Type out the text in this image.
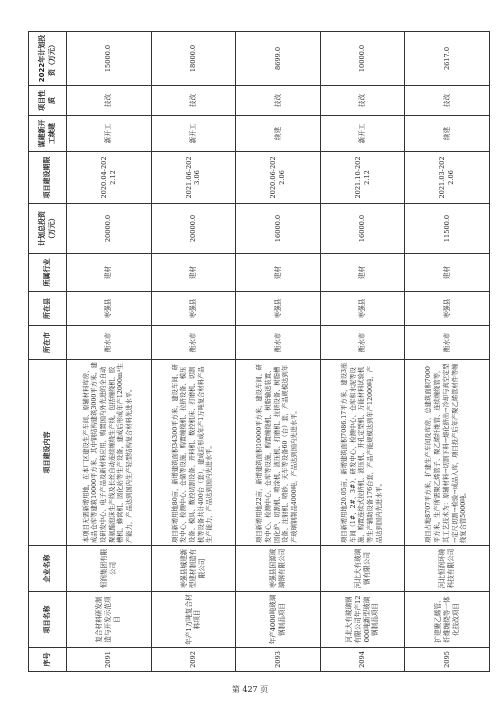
序号	项目名称	企业名称	项目建设内容	所在市	所在县	所属行业	计划总投资（万元）	项目建设期限	谋建新开工续建	项目性质	2022年计划投资（万元）
2091	复合材料研发制造与开发示范项目	恒润集团有限公司	本项目无需新增用地，在本厂区建设生产车间、原辅材料库房、成品仓库等建筑10000平方米，其中钢结构建筑3000平方米。建设研发中心、电子产品及新材料应用，购置国内外先进的全自动聚氨酯泡沫生产线及长丝自动连续缠绕生产线，包括缠绕机、胶槽机、蜂窝机、固化站等生产设备，建成后形成年产12000m³生产能力，产品达到国内生产轻型结构复合材料先进水平。	衡水市	枣强县	建材	20000.0	2020.04-2022.12	新开工	技改	15000.0
2092	年产1万吨复合材料项目	枣强县城建新型建材制造有限公司	项目新增用地80亩，新增建筑面积34300平方米，建设车间、研发中心、检测中心、仓储等设施，购置缠绕机、拉挤设备、模压设备、模具、数控切割设备、开料机、数控机床、打磨机、切割机等设备共计400台（套），建成后形成年产1万吨复合材料产品生产能力，产品达到国内先进水平。	衡水市	枣强县	建材	20000.0	2021.06-2023.06	新开工	技改	18000.0
2093	年产4000吨玻璃钢制品项目	枣强县国源玻璃钢有限公司	项目新增用地22亩，新增建筑面积10000平方米，建设车间、研发中心、检测中心、仓库等设施，购置缠绕机、树脂输送装置、固化炉、切割机、喷涂机、液压机、打磨机、拉挤设备、树脂槽设备、注射机、喷砂、天车等设备60（台）套，产品规模达到年产玻璃钢制品4000吨，产品达到国内先进水平。	衡水市	枣强县	建材	16000.0	2020.06-2022.06	续建	技改	8699.0
2094	河北大有玻璃钢有限公司年产12000吨新型玻璃钢制品项目	河北大有玻璃钢有限公司	项目新增用地20.05亩，新增建筑面积7086.17平方米，建设3座车间（1#、2#、3#）、研发中心、检测中心、仓库和水泥等设施，购置连续式拉挤机、液压机、开孔定型机、万能材料试验机等生产辅助设备176台套，产品产能规模达到年产12000吨，产品达到国内先进水平。	衡水市	枣强县	建材	16000.0	2021.10-2022.12	新开工	技改	10000.0
2095	扩建聚乙烯管、纤维缠绕等一体化技改项目	河北恒润环境科技有限公司	项目占地8707平方米，扩建生产车间及库房，总建筑面积7000平方米。生产所需聚乙烯管子、聚乙烯纤维管、连续缠绕管等，其工艺技术为：原辅材料→切割下料→熔化挤出→冷却与真空定型→定尺切割→检验→成品入库，项目投产后年产聚乙烯管材件等缠绕复合管5000吨。	衡水市	枣强县	建材	11500.0	2021.03-2022.06	续建	技改	2617.0
第 427 页
